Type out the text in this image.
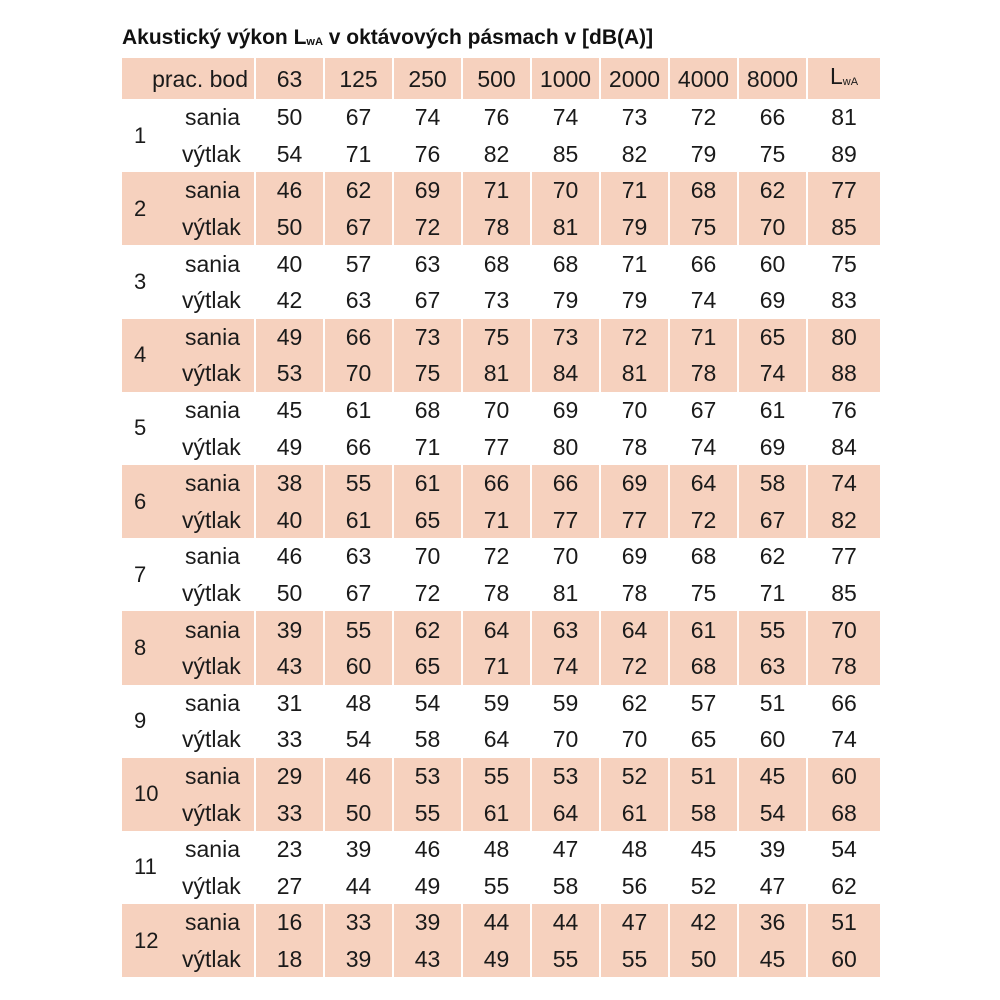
Akustický výkon $L_{wA}$ v oktávových pásmach v [dB(A)]
prac. bod		63	125	250	500	1000	2000	4000	8000	$L_{wA}$
1	sania	50	67	74	76	74	73	72	66	81
	výtlak	54	71	76	82	85	82	79	75	89
2	sania	46	62	69	71	70	71	68	62	77
	výtlak	50	67	72	78	81	79	75	70	85
3	sania	40	57	63	68	68	71	66	60	75
	výtlak	42	63	67	73	79	79	74	69	83
4	sania	49	66	73	75	73	72	71	65	80
	výtlak	53	70	75	81	84	81	78	74	88
5	sania	45	61	68	70	69	70	67	61	76
	výtlak	49	66	71	77	80	78	74	69	84
6	sania	38	55	61	66	66	69	64	58	74
	výtlak	40	61	65	71	77	77	72	67	82
7	sania	46	63	70	72	70	69	68	62	77
	výtlak	50	67	72	78	81	78	75	71	85
8	sania	39	55	62	64	63	64	61	55	70
	výtlak	43	60	65	71	74	72	68	63	78
9	sania	31	48	54	59	59	62	57	51	66
	výtlak	33	54	58	64	70	70	65	60	74
10	sania	29	46	53	55	53	52	51	45	60
	výtlak	33	50	55	61	64	61	58	54	68
11	sania	23	39	46	48	47	48	45	39	54
	výtlak	27	44	49	55	58	56	52	47	62
12	sania	16	33	39	44	44	47	42	36	51
	výtlak	18	39	43	49	55	55	50	45	60
